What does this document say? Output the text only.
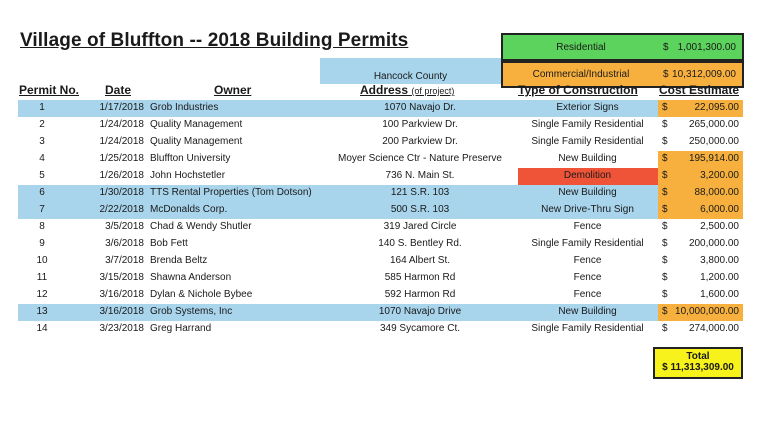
Village of Bluffton -- 2018 Building Permits	Residential	$ 1,001,300.00
Commercial/Industrial	$ 10,312,009.00
Hancock County
Permit No. Date	Owner	Address (of project)	Type of Construction Cost Estimate
1	1/17/2018 Grob Industries	1070 Navajo Dr.	Exterior Signs	$	22,095.00
2	1/24/2018 Quality Management	100 Parkview Dr.	Single Family Residential	$ 265,000.00
3	1/24/2018 Quality Management	200 Parkview Dr.	Single Family Residential	$ 250,000.00
4	1/25/2018 Bluffton University	Moyer Science Ctr - Nature Preserve	New Building	$ 195,914.00
5	1/26/2018 John Hochstetler	736 N. Main St.	Demolition	$	3,200.00
6	1/30/2018 TTS Rental Properties (Tom Dotson)	121 S.R. 103	New Building	$	88,000.00
7	2/22/2018 McDonalds Corp.	500 S.R. 103	New Drive-Thru Sign	$	6,000.00
8	3/5/2018 Chad & Wendy Shutler	319 Jared Circle	Fence	$	2,500.00
9	3/6/2018 Bob Fett	140 S. Bentley Rd.	Single Family Residential	$ 200,000.00
10	3/7/2018 Brenda Beltz	164 Albert St.	Fence	$	3,800.00
11	3/15/2018 Shawna Anderson	585 Harmon Rd	Fence	$	1,200.00
12	3/16/2018 Dylan & Nichole Bybee	592 Harmon Rd	Fence	$	1,600.00
13	3/16/2018 Grob Systems, Inc	1070 Navajo Drive	New Building	$ 10,000,000.00
14	3/23/2018 Greg Harrand	349 Sycamore Ct.	Single Family Residential	$ 274,000.00
Total
$ 11,313,309.00
